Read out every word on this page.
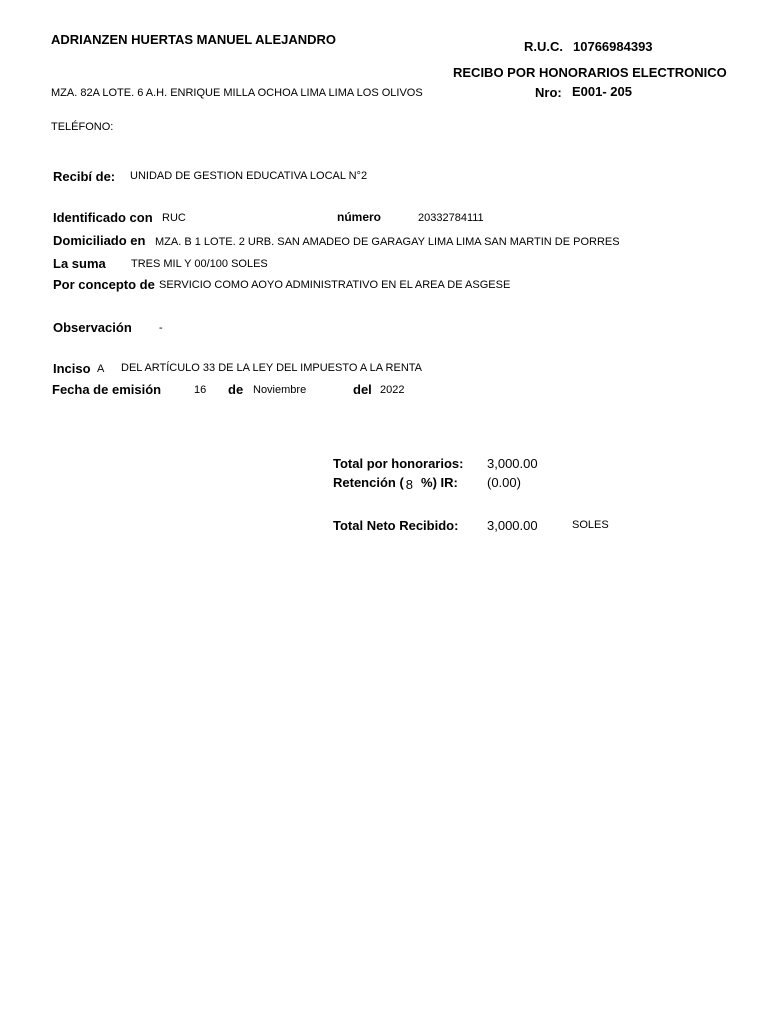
ADRIANZEN HUERTAS MANUEL ALEJANDRO
MZA. 82A LOTE. 6 A.H. ENRIQUE MILLA OCHOA LIMA LIMA LOS OLIVOS
TELÉFONO:
R.U.C. 10766984393
RECIBO POR HONORARIOS ELECTRONICO
Nro: E001- 205
Recibí de: UNIDAD DE GESTION EDUCATIVA LOCAL N°2
Identificado con RUC	número	20332784111
Domiciliado en MZA. B 1 LOTE. 2 URB. SAN AMADEO DE GARAGAY LIMA LIMA SAN MARTIN DE PORRES
La suma TRES MIL Y 00/100 SOLES
Por concepto de SERVICIO COMO AOYO ADMINISTRATIVO EN EL AREA DE ASGESE
Observación -
Inciso A DEL ARTÍCULO 33 DE LA LEY DEL IMPUESTO A LA RENTA
Fecha de emisión	16 de Noviembre	del 2022
Total por honorarios: 3,000.00
Retención ( 8 %) IR: (0.00)
Total Neto Recibido: 3,000.00	SOLES
